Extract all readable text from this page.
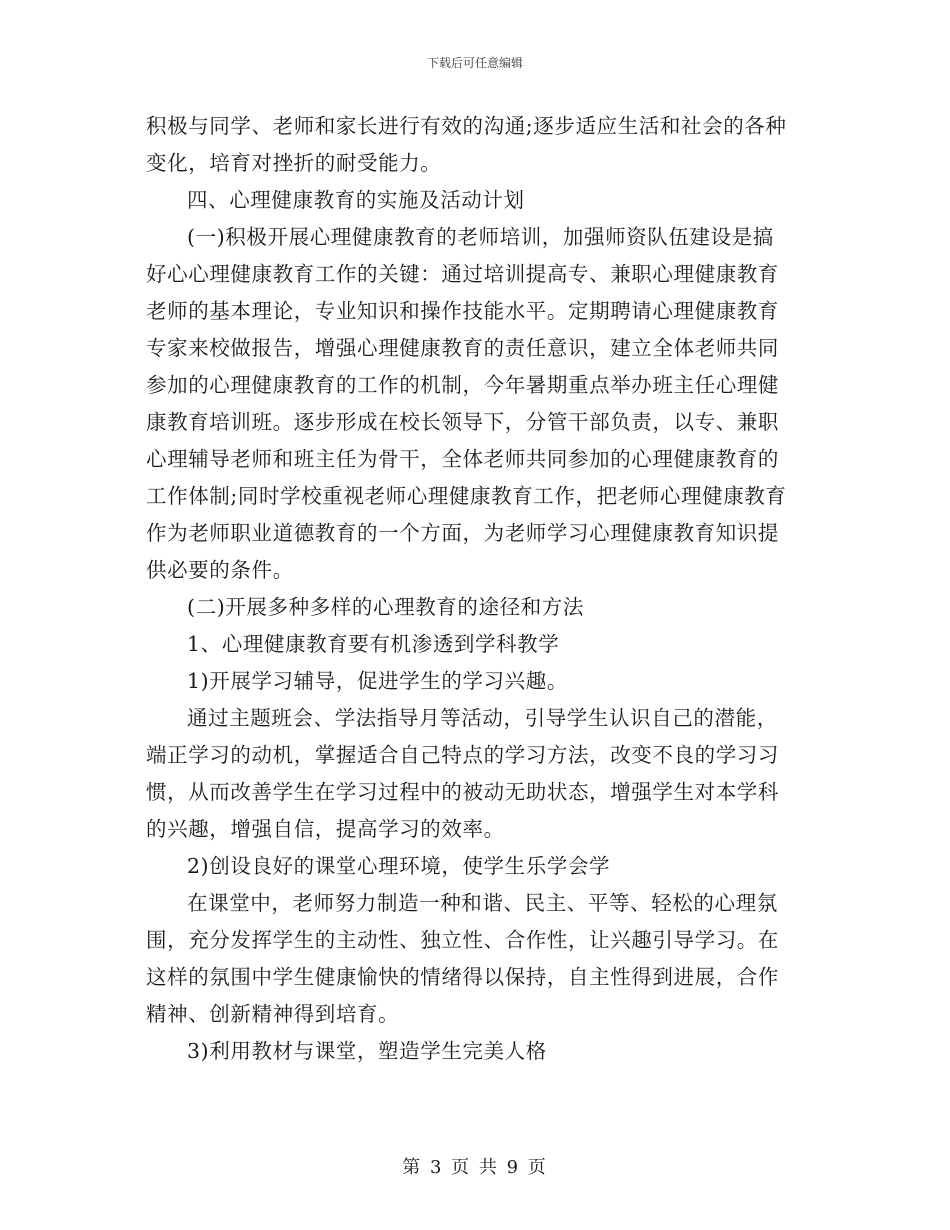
下载后可任意编辑
积极与同学、老师和家长进行有效的沟通;逐步适应生活和社会的各种
变化，培育对挫折的耐受能力。
四、心理健康教育的实施及活动计划
(一)积极开展心理健康教育的老师培训，加强师资队伍建设是搞
好心心理健康教育工作的关键：通过培训提高专、兼职心理健康教育
老师的基本理论，专业知识和操作技能水平。定期聘请心理健康教育
专家来校做报告，增强心理健康教育的责任意识，建立全体老师共同
参加的心理健康教育的工作的机制，今年暑期重点举办班主任心理健
康教育培训班。逐步形成在校长领导下，分管干部负责，以专、兼职
心理辅导老师和班主任为骨干，全体老师共同参加的心理健康教育的
工作体制;同时学校重视老师心理健康教育工作，把老师心理健康教育
作为老师职业道德教育的一个方面，为老师学习心理健康教育知识提
供必要的条件。
(二)开展多种多样的心理教育的途径和方法
1、心理健康教育要有机渗透到学科教学
1)开展学习辅导，促进学生的学习兴趣。
通过主题班会、学法指导月等活动，引导学生认识自己的潜能，
端正学习的动机，掌握适合自己特点的学习方法，改变不良的学习习
惯，从而改善学生在学习过程中的被动无助状态，增强学生对本学科
的兴趣，增强自信，提高学习的效率。
2)创设良好的课堂心理环境，使学生乐学会学
在课堂中，老师努力制造一种和谐、民主、平等、轻松的心理氛
围，充分发挥学生的主动性、独立性、合作性，让兴趣引导学习。在
这样的氛围中学生健康愉快的情绪得以保持，自主性得到进展，合作
精神、创新精神得到培育。
3)利用教材与课堂，塑造学生完美人格
第 3 页 共 9 页
